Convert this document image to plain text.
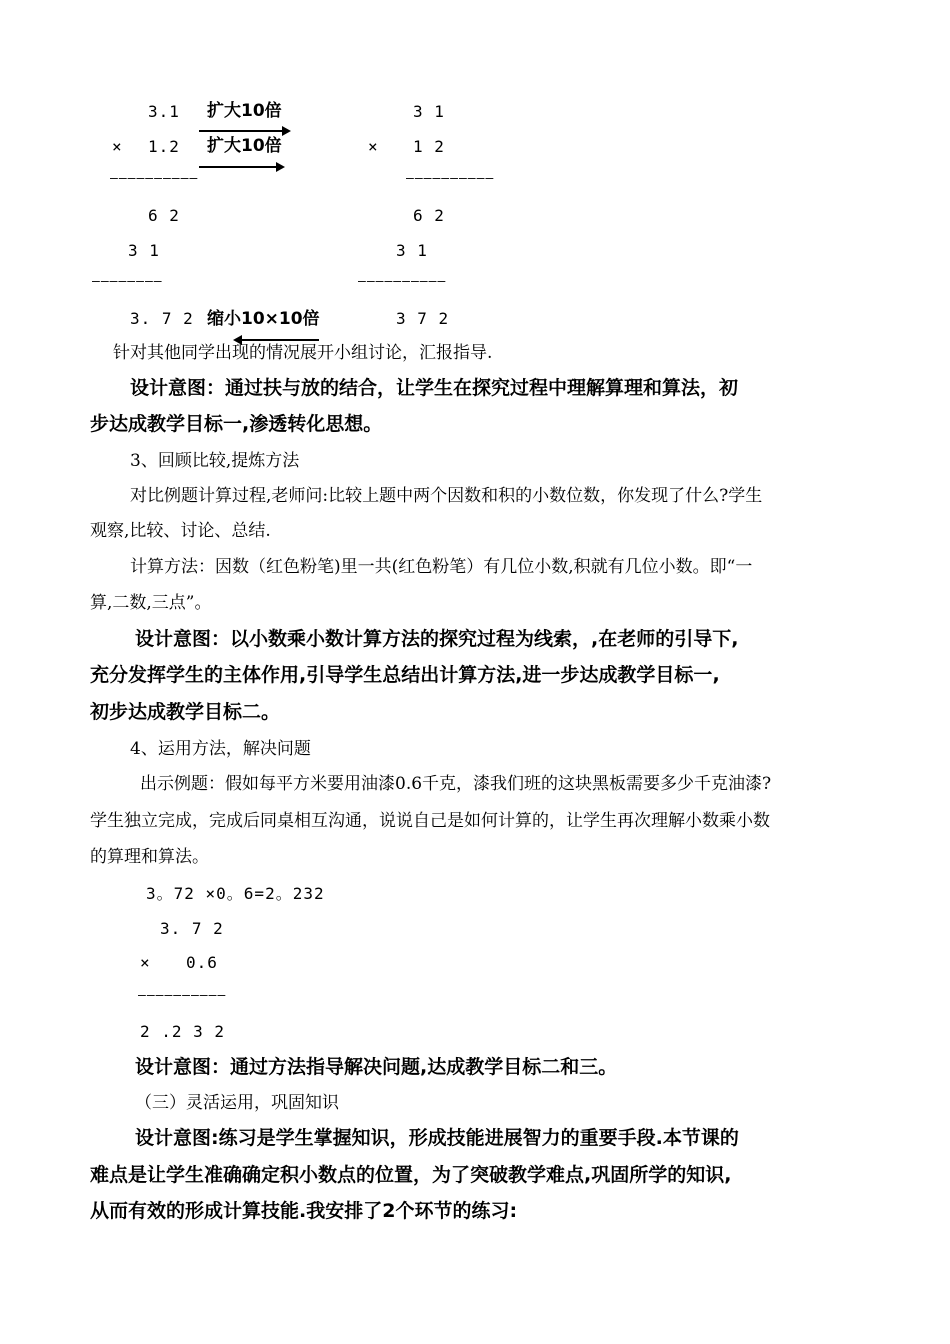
3.1
× 1.2
——————————
6 2
3 1
————————
3. 7 2
扩大10倍
扩大10倍
缩小10×10倍
3 1
× 1 2
——————————
6 2
3 1
——————————
3 7 2
针对其他同学出现的情况展开小组讨论，汇报指导.
设计意图：通过扶与放的结合，让学生在探究过程中理解算理和算法，初
步达成教学目标一,渗透转化思想。
3、回顾比较,提炼方法
对比例题计算过程,老师问:比较上题中两个因数和积的小数位数，你发现了什么?学生
观察,比较、讨论、总结.
计算方法：因数（红色粉笔)里一共(红色粉笔）有几位小数,积就有几位小数。即“一
算,二数,三点”。
设计意图：以小数乘小数计算方法的探究过程为线索，,在老师的引导下,
充分发挥学生的主体作用,引导学生总结出计算方法,进一步达成教学目标一,
初步达成教学目标二。
4、运用方法，解决问题
出示例题：假如每平方米要用油漆0.6千克，漆我们班的这块黑板需要多少千克油漆?
学生独立完成，完成后同桌相互沟通，说说自己是如何计算的，让学生再次理解小数乘小数
的算理和算法。
3。72 ×0。6=2。232
3. 7 2
× 0.6
——————————
2 .2 3 2
设计意图：通过方法指导解决问题,达成教学目标二和三。
（三）灵活运用，巩固知识
设计意图:练习是学生掌握知识，形成技能进展智力的重要手段.本节课的
难点是让学生准确确定积小数点的位置，为了突破教学难点,巩固所学的知识,
从而有效的形成计算技能.我安排了2个环节的练习:
